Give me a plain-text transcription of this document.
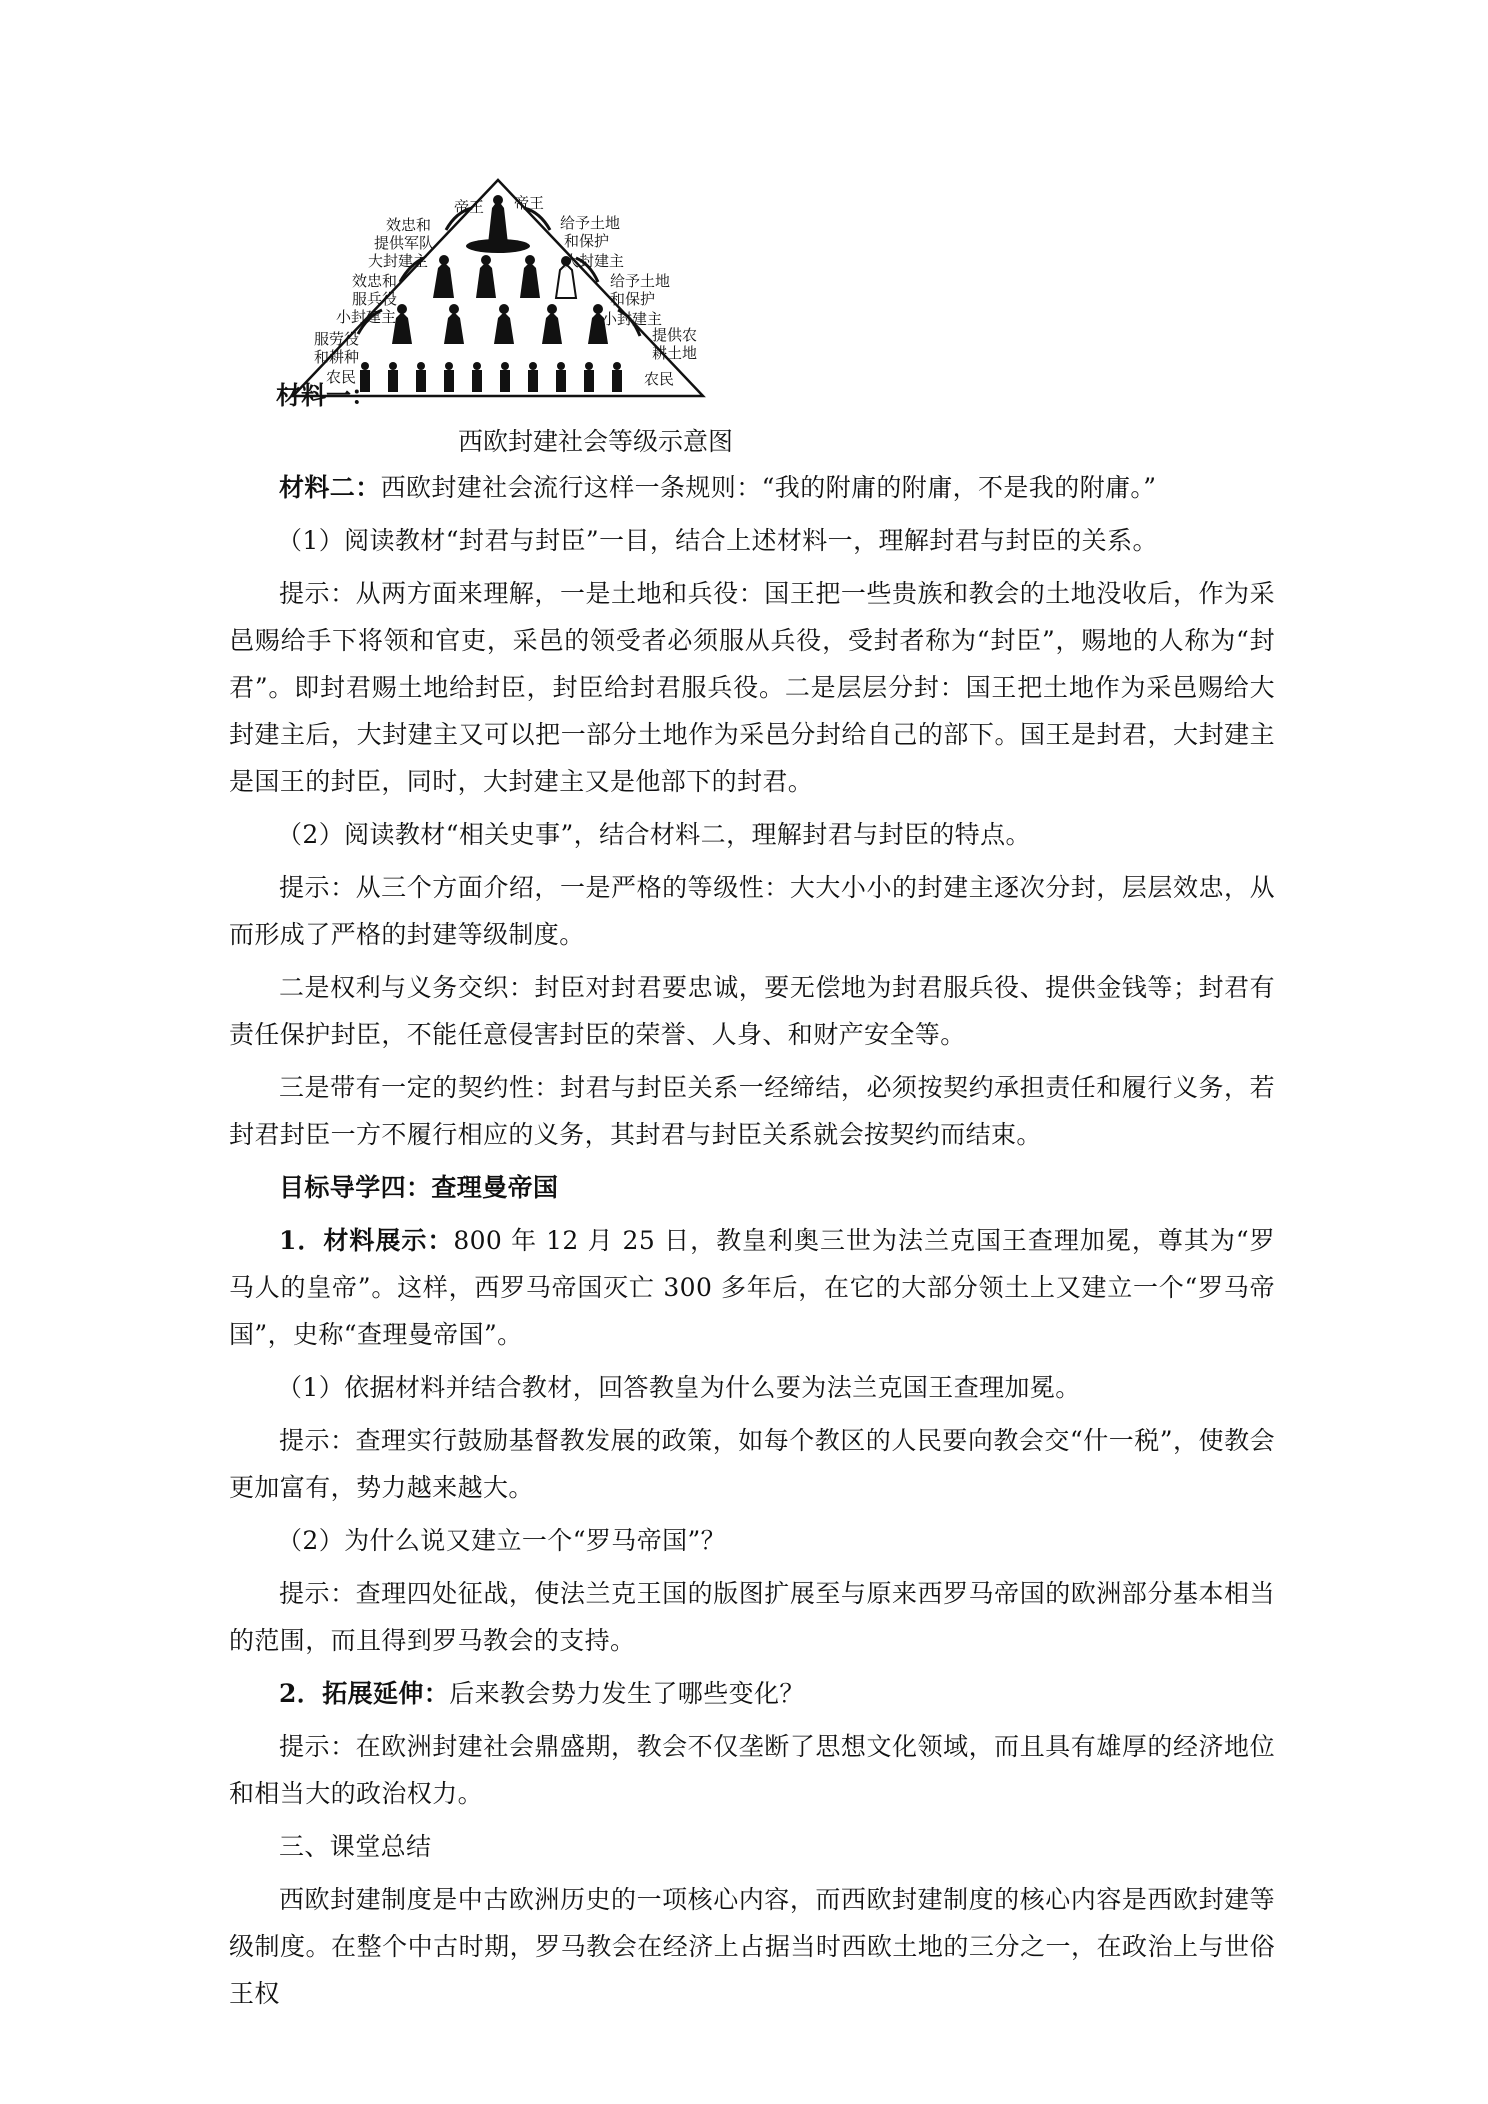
帝王
效忠和
提供军队
大封建主
效忠和
服兵役
小封建主
服劳役
和耕种
农民
帝王
给予土地
和保护
大封建主
给予土地
和保护
小封建主
提供农
耕土地
农民
材料一：
西欧封建社会等级示意图

材料二：西欧封建社会流行这样一条规则：“我的附庸的附庸，不是我的附庸。”

（1）阅读教材“封君与封臣”一目，结合上述材料一，理解封君与封臣的关系。

提示：从两方面来理解，一是土地和兵役：国王把一些贵族和教会的土地没收后，作为采邑赐给手下将领和官吏，采邑的领受者必须服从兵役，受封者称为“封臣”，赐地的人称为“封君”。即封君赐土地给封臣，封臣给封君服兵役。二是层层分封：国王把土地作为采邑赐给大封建主后，大封建主又可以把一部分土地作为采邑分封给自己的部下。国王是封君，大封建主是国王的封臣，同时，大封建主又是他部下的封君。

（2）阅读教材“相关史事”，结合材料二，理解封君与封臣的特点。

提示：从三个方面介绍，一是严格的等级性：大大小小的封建主逐次分封，层层效忠，从而形成了严格的封建等级制度。

二是权利与义务交织：封臣对封君要忠诚，要无偿地为封君服兵役、提供金钱等；封君有责任保护封臣，不能任意侵害封臣的荣誉、人身、和财产安全等。

三是带有一定的契约性：封君与封臣关系一经缔结，必须按契约承担责任和履行义务，若封君封臣一方不履行相应的义务，其封君与封臣关系就会按契约而结束。

目标导学四：查理曼帝国

1．材料展示：800 年 12 月 25 日，教皇利奥三世为法兰克国王查理加冕，尊其为“罗马人的皇帝”。这样，西罗马帝国灭亡 300 多年后，在它的大部分领土上又建立一个“罗马帝国”，史称“查理曼帝国”。

（1）依据材料并结合教材，回答教皇为什么要为法兰克国王查理加冕。

提示：查理实行鼓励基督教发展的政策，如每个教区的人民要向教会交“什一税”，使教会更加富有，势力越来越大。

（2）为什么说又建立一个“罗马帝国”？

提示：查理四处征战，使法兰克王国的版图扩展至与原来西罗马帝国的欧洲部分基本相当的范围，而且得到罗马教会的支持。

2．拓展延伸：后来教会势力发生了哪些变化？

提示：在欧洲封建社会鼎盛期，教会不仅垄断了思想文化领域，而且具有雄厚的经济地位和相当大的政治权力。

三、课堂总结

西欧封建制度是中古欧洲历史的一项核心内容，而西欧封建制度的核心内容是西欧封建等级制度。在整个中古时期，罗马教会在经济上占据当时西欧土地的三分之一，在政治上与世俗王权
